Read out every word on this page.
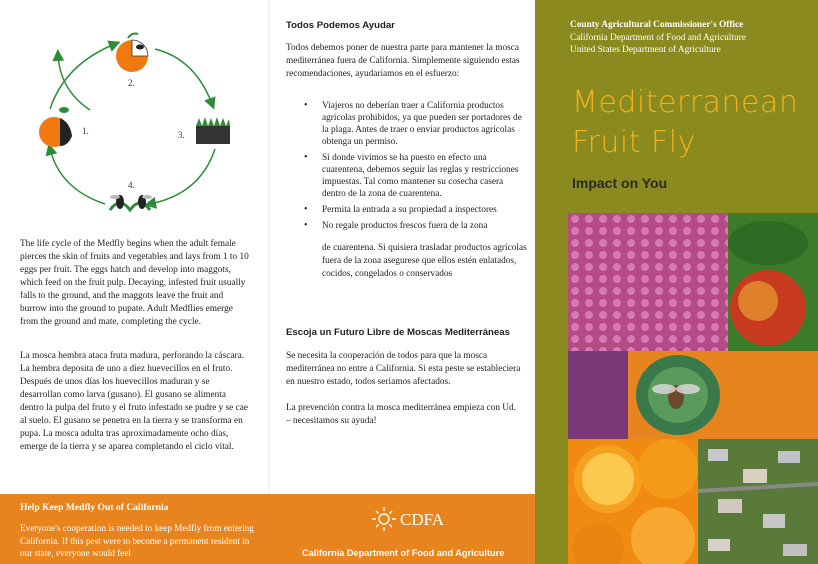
2.
1.	3.
4.

The life cycle of the Medfly begins when the adult female pierces the skin of fruits and vegetables and lays from 1 to 10 eggs per fruit. The eggs hatch and develop into maggots, which feed on the fruit pulp. Decaying, infested fruit usually falls to the ground, and the maggots leave the fruit and burrow into the ground to pupate. Adult Medflies emerge from the ground and mate, completing the cycle.

La mosca hembra ataca fruta madura, perforando la cáscara. La hembra deposita de uno a diez huevecillos en el fruto. Después de unos días los huevecillos maduran y se desarrollan como larva (gusano). El gusano se alimenta dentro la pulpa del fruto y el fruto infestado se pudre y se cae al suelo. El gusano se penetra en la tierra y se transforma en pupa. La mosca adulta tras aproximadamente ocho días, emerge de la tierra y se aparea completando el ciclo vital.

Todos Podemos Ayudar

Todos debemos poner de nuestra parte para mantener la mosca mediterránea fuera de California. Simplemente siguiendo estas recomendaciones, ayudaríamos en el esfuerzo:

• Viajeros no deberían traer a California productos agrícolas prohibidos, ya que pueden ser portadores de la plaga. Antes de traer o enviar productos agrícolas obtenga un permiso.
• Si donde vivimos se ha puesto en efecto una cuarentena, debemos seguir las reglas y restricciones impuestas. Tal como mantener su cosecha casera dentro de la zona de cuarentena.
• Permita la entrada a su propiedad a inspectores
• No regale productos frescos fuera de la zona

de cuarentena. Si quisiera trasladar productos agrícolas fuera de la zona asegurese que ellos estén enlatados, cocidos, congelados o conservados

Escoja un Futuro Libre de Moscas Mediterráneas

Se necesita la cooperación de todos para que la mosca mediterránea no entre a California. Si esta peste se estableciera en nuestro estado, todos seriamos afectados.

La prevención contra la mosca mediterránea empieza con Ud. – necesitamos su ayuda!

Help Keep Medfly Out of California
Everyone's cooperation is needed to keep Medfly from entering California. If this pest were to become a permanent resident in our state, everyone would feel
CDFA
California Department of Food and Agriculture
County Agricultural Commissioner's Office
California Department of Food and Agriculture
United States Department of Agriculture
Mediterranean
Fruit Fly
Impact on You
